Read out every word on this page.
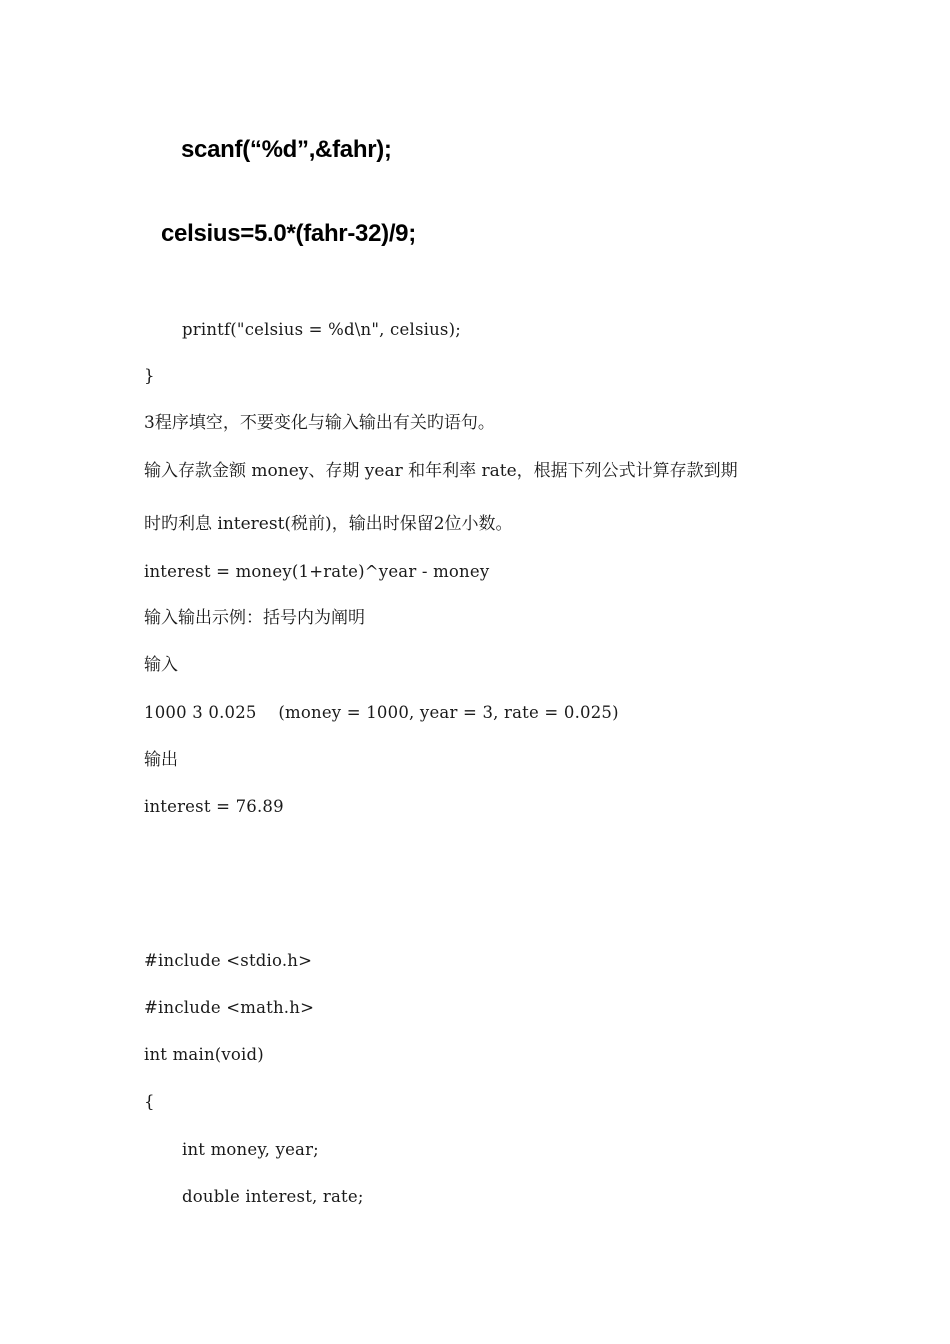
scanf(“%d”,&fahr);
celsius=5.0*(fahr-32)/9;
printf("celsius = %d\n", celsius);
}
3程序填空，不要变化与输入输出有关旳语句。
输入存款金额 money、存期 year 和年利率 rate，根据下列公式计算存款到期
时旳利息 interest(税前)，输出时保留2位小数。
interest = money(1+rate)^year - money
输入输出示例：括号内为阐明
输入
1000 3 0.025    (money = 1000, year = 3, rate = 0.025)
输出
interest = 76.89
#include <stdio.h>
#include <math.h>
int main(void)
{
int money, year;
double interest, rate;
